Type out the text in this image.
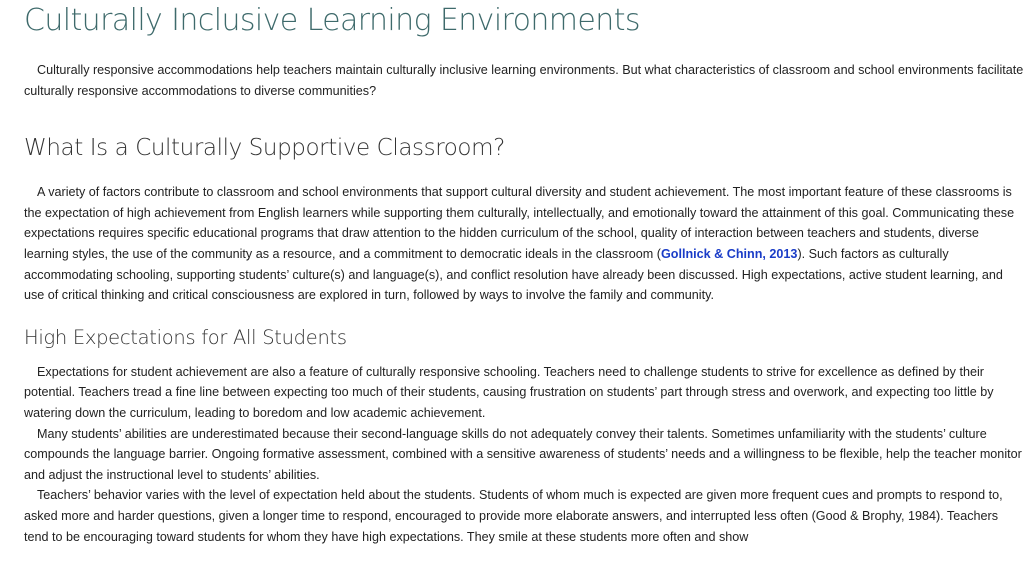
Culturally Inclusive Learning Environments

Culturally responsive accommodations help teachers maintain culturally inclusive learning environments. But what characteristics of classroom and school environments facilitate culturally responsive accommodations to diverse communities?

What Is a Culturally Supportive Classroom?

A variety of factors contribute to classroom and school environments that support cultural diversity and student achievement. The most important feature of these classrooms is the expectation of high achievement from English learners while supporting them culturally, intellectually, and emotionally toward the attainment of this goal. Communicating these expectations requires specific educational programs that draw attention to the hidden curriculum of the school, quality of interaction between teachers and students, diverse learning styles, the use of the community as a resource, and a commitment to democratic ideals in the classroom (Gollnick & Chinn, 2013). Such factors as culturally accommodating schooling, supporting students’ culture(s) and language(s), and conflict resolution have already been discussed. High expectations, active student learning, and use of critical thinking and critical consciousness are explored in turn, followed by ways to involve the family and community.

High Expectations for All Students

Expectations for student achievement are also a feature of culturally responsive schooling. Teachers need to challenge students to strive for excellence as defined by their potential. Teachers tread a fine line between expecting too much of their students, causing frustration on students’ part through stress and overwork, and expecting too little by watering down the curriculum, leading to boredom and low academic achievement.

Many students’ abilities are underestimated because their second-language skills do not adequately convey their talents. Sometimes unfamiliarity with the students’ culture compounds the language barrier. Ongoing formative assessment, combined with a sensitive awareness of students’ needs and a willingness to be flexible, help the teacher monitor and adjust the instructional level to students’ abilities.

Teachers’ behavior varies with the level of expectation held about the students. Students of whom much is expected are given more frequent cues and prompts to respond to, asked more and harder questions, given a longer time to respond, encouraged to provide more elaborate answers, and interrupted less often (Good & Brophy, 1984). Teachers tend to be encouraging toward students for whom they have high expectations. They smile at these students more often and show
